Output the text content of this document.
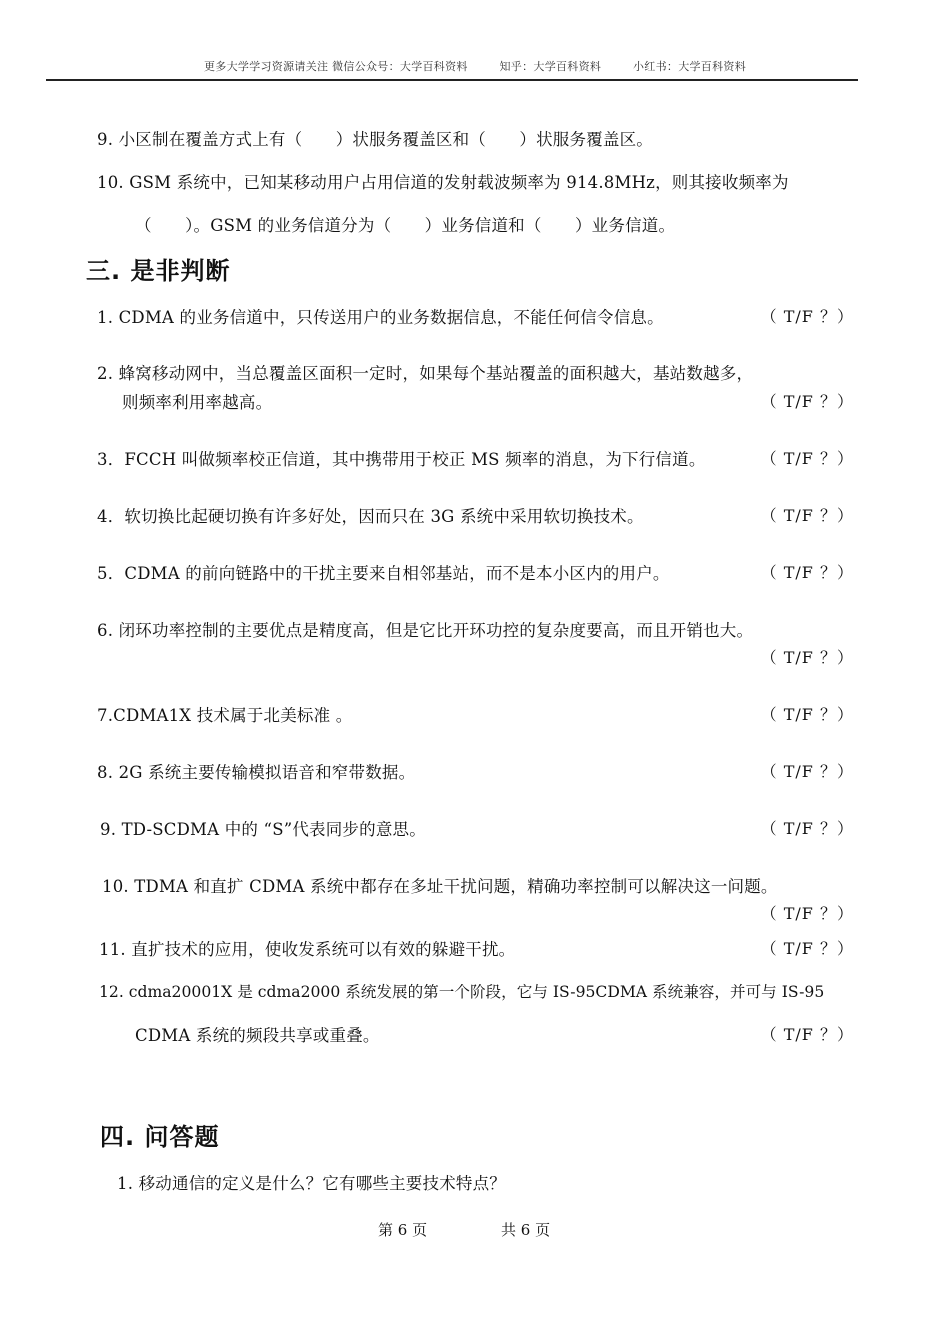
更多大学学习资源请关注 微信公众号：大学百科资料	知乎：大学百科资料	小红书：大学百科资料
9. 小区制在覆盖方式上有（　　）状服务覆盖区和（　　）状服务覆盖区。
10. GSM 系统中，已知某移动用户占用信道的发射载波频率为 914.8MHz，则其接收频率为
（　　）。GSM 的业务信道分为（　　）业务信道和（　　）业务信道。
三. 是非判断
1. CDMA 的业务信道中，只传送用户的业务数据信息，不能任何信令信息。	（ T/F ？）
2. 蜂窝移动网中，当总覆盖区面积一定时，如果每个基站覆盖的面积越大，基站数越多，
则频率利用率越高。	（ T/F ？）
3．FCCH 叫做频率校正信道，其中携带用于校正 MS 频率的消息，为下行信道。	（ T/F ？）
4．软切换比起硬切换有许多好处，因而只在 3G 系统中采用软切换技术。	（ T/F ？）
5．CDMA 的前向链路中的干扰主要来自相邻基站，而不是本小区内的用户。	（ T/F ？）
6. 闭环功率控制的主要优点是精度高，但是它比开环功控的复杂度要高，而且开销也大。
（ T/F ？）
7.CDMA1X 技术属于北美标准 。	（ T/F ？）
8. 2G 系统主要传输模拟语音和窄带数据。	（ T/F ？）
9. TD-SCDMA 中的 “S”代表同步的意思。	（ T/F ？）
10. TDMA 和直扩 CDMA 系统中都存在多址干扰问题，精确功率控制可以解决这一问题。
（ T/F ？）
11. 直扩技术的应用，使收发系统可以有效的躲避干扰。	（ T/F ？）
12. cdma20001X 是 cdma2000 系统发展的第一个阶段，它与 IS-95CDMA 系统兼容，并可与 IS-95
CDMA 系统的频段共享或重叠。	（ T/F ？）
四. 问答题
1. 移动通信的定义是什么？它有哪些主要技术特点？
第 6 页	共 6 页
